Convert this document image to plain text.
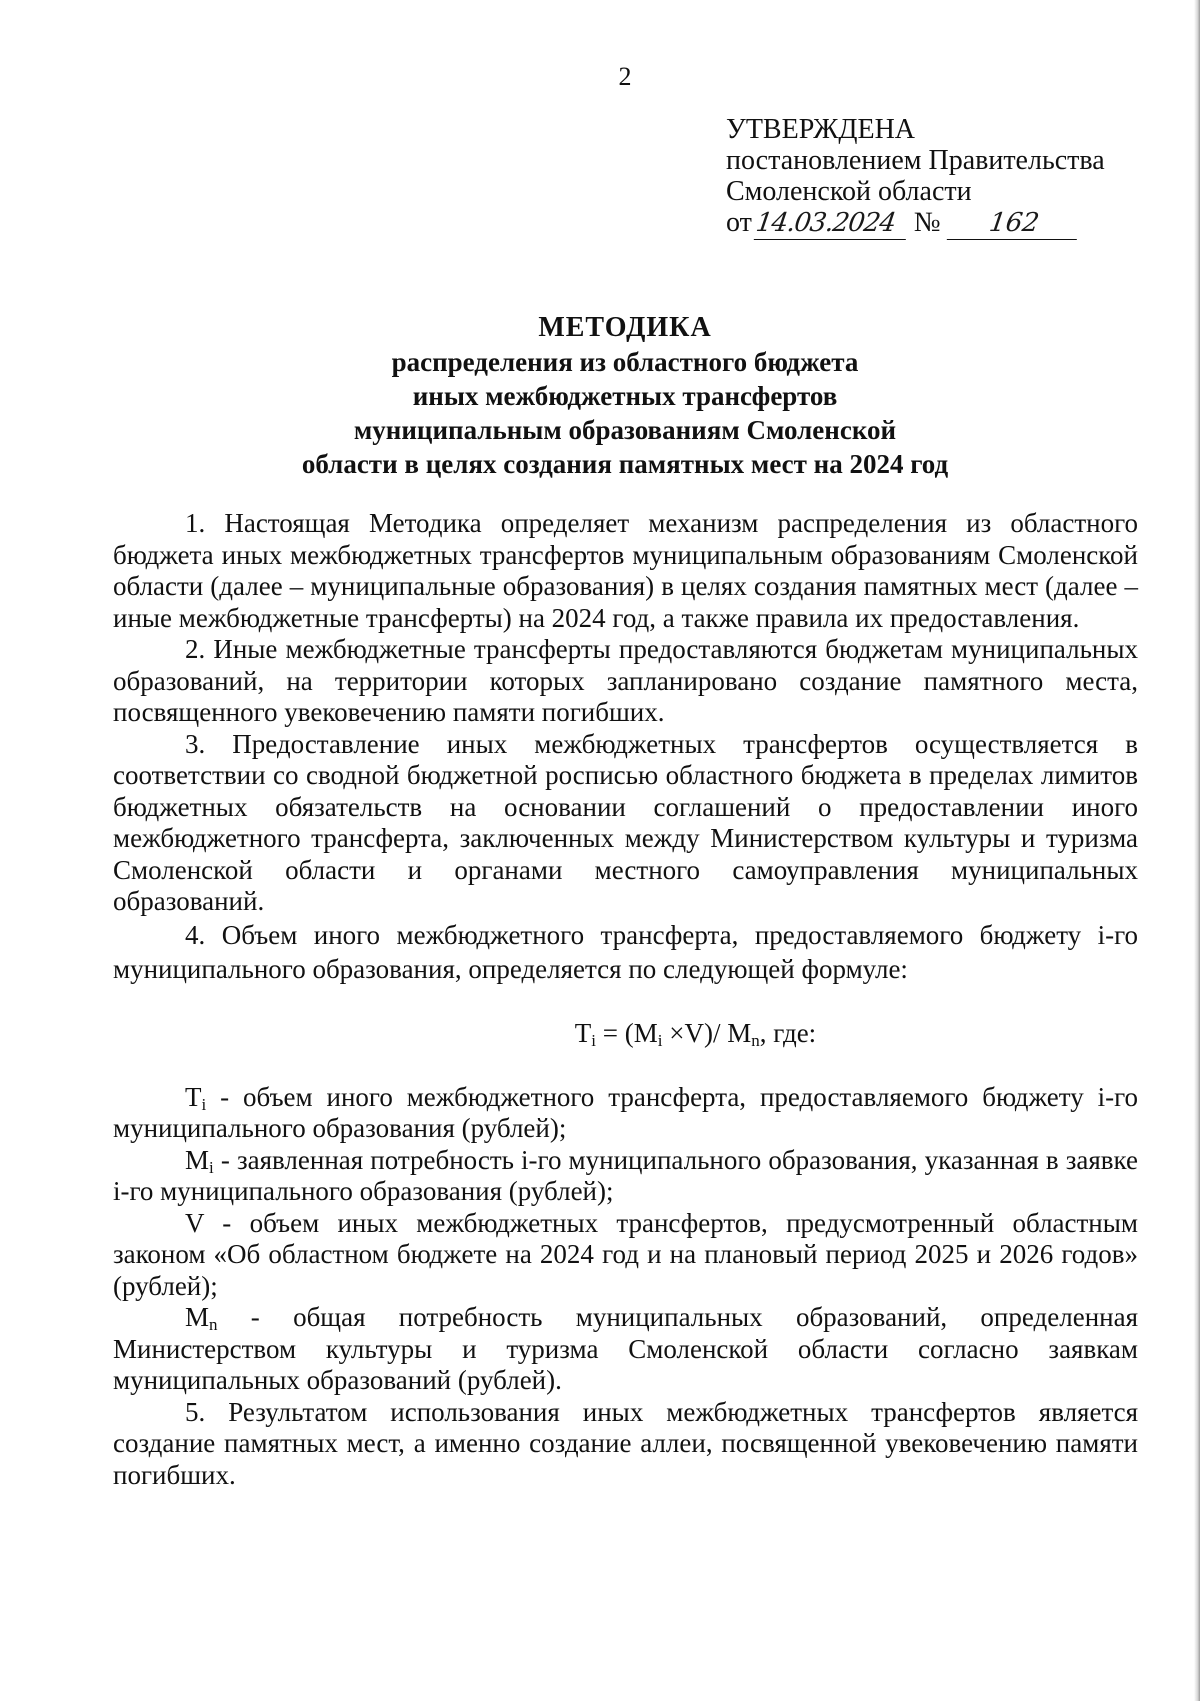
2
УТВЕРЖДЕНА
постановлением Правительства
Смоленской области
от14.03.2024 № 162
МЕТОДИКА
распределения из областного бюджета
иных межбюджетных трансфертов
муниципальным образованиям Смоленской
области в целях создания памятных мест на 2024 год

1. Настоящая Методика определяет механизм распределения из областного бюджета иных межбюджетных трансфертов муниципальным образованиям Смоленской области (далее – муниципальные образования) в целях создания памятных мест (далее – иные межбюджетные трансферты) на 2024 год, а также правила их предоставления.

2. Иные межбюджетные трансферты предоставляются бюджетам муниципальных образований, на территории которых запланировано создание памятного места, посвященного увековечению памяти погибших.

3. Предоставление иных межбюджетных трансфертов осуществляется в соответствии со сводной бюджетной росписью областного бюджета в пределах лимитов бюджетных обязательств на основании соглашений о предоставлении иного межбюджетного трансферта, заключенных между Министерством культуры и туризма Смоленской области и органами местного самоуправления муниципальных образований.

4. Объем иного межбюджетного трансферта, предоставляемого бюджету i-го муниципального образования, определяется по следующей формуле:

$T_i = (M_i \times V)/$ $M_n$, где:

$T_i$ - объем иного межбюджетного трансферта, предоставляемого бюджету i-го муниципального образования (рублей);

$M_i$ - заявленная потребность i-го муниципального образования, указанная в заявке i-го муниципального образования (рублей);

V - объем иных межбюджетных трансфертов, предусмотренный областным законом «Об областном бюджете на 2024 год и на плановый период 2025 и 2026 годов» (рублей);

$M_n$ - общая потребность муниципальных образований, определенная Министерством культуры и туризма Смоленской области согласно заявкам муниципальных образований (рублей).

5. Результатом использования иных межбюджетных трансфертов является создание памятных мест, а именно создание аллеи, посвященной увековечению памяти погибших.
